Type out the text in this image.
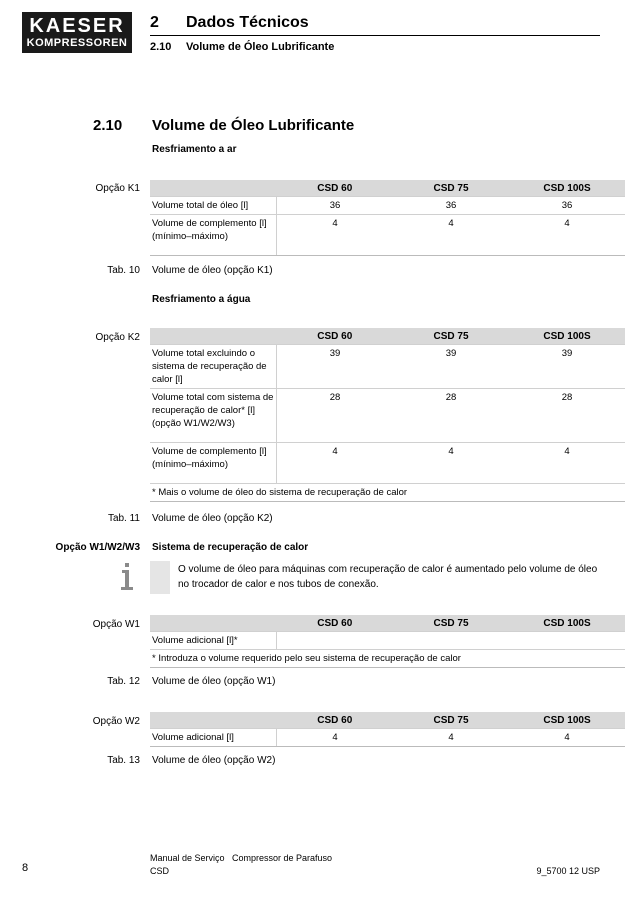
KAESER
KOMPRESSOREN
2 Dados Técnicos
2.10 Volume de Óleo Lubrificante
2.10 Volume de Óleo Lubrificante
Resfriamento a ar
Opção K1
		CSD 60	CSD 75	CSD 100S
Volume total de óleo [l]	36	36	36
Volume de complemento [l] (mínimo–máximo)	4	4	4
Tab. 10 Volume de óleo (opção K1)
Resfriamento a água
Opção K2
		CSD 60	CSD 75	CSD 100S
Volume total excluindo o sistema de recuperação de calor [l]	39	39	39
Volume total com sistema de recuperação de calor* [l] (opção W1/W2/W3)	28	28	28
Volume de complemento [l] (mínimo–máximo)	4	4	4
* Mais o volume de óleo do sistema de recuperação de calor			
Tab. 11 Volume de óleo (opção K2)
Opção W1/W2/W3 Sistema de recuperação de calor
O volume de óleo para máquinas com recuperação de calor é aumentado pelo volume de óleo no trocador de calor e nos tubos de conexão.
Opção W1
		CSD 60	CSD 75	CSD 100S
Volume adicional [l]*			
* Introduza o volume requerido pelo seu sistema de recuperação de calor			
Tab. 12 Volume de óleo (opção W1)
Opção W2
		CSD 60	CSD 75	CSD 100S
Volume adicional [l]	4	4	4
Tab. 13 Volume de óleo (opção W2)
8
Manual de Serviço Compressor de Parafuso
CSD	9_5700 12 USP
